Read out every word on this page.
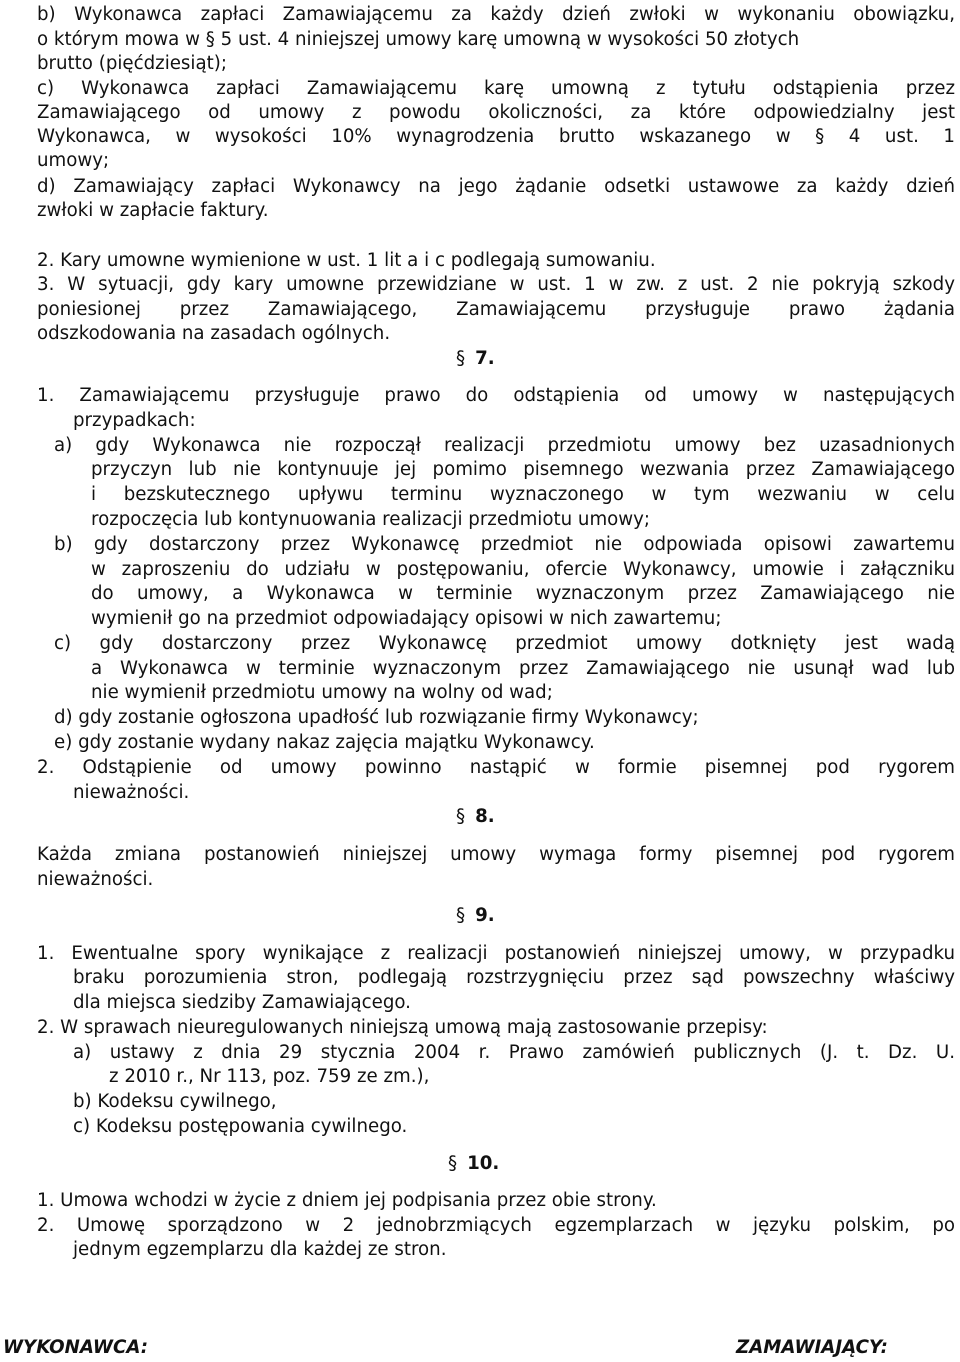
b) Wykonawca zapłaci Zamawiającemu za każdy dzień zwłoki w wykonaniu obowiązku,
o którym mowa w § 5 ust. 4 niniejszej umowy karę umowną w wysokości 50 złotych
brutto (pięćdziesiąt);
c) Wykonawca zapłaci Zamawiającemu karę umowną z tytułu odstąpienia przez
Zamawiającego od umowy z powodu okoliczności, za które odpowiedzialny jest
Wykonawca, w wysokości 10% wynagrodzenia brutto wskazanego w § 4 ust. 1
umowy;
d) Zamawiający zapłaci Wykonawcy na jego żądanie odsetki ustawowe za każdy dzień
zwłoki w zapłacie faktury.
2. Kary umowne wymienione w ust. 1 lit a i c podlegają sumowaniu.
3. W sytuacji, gdy kary umowne przewidziane w ust. 1 w zw. z ust. 2 nie pokryją szkody
poniesionej przez Zamawiającego, Zamawiającemu przysługuje prawo żądania
odszkodowania na zasadach ogólnych.
§ 7.
1. Zamawiającemu przysługuje prawo do odstąpienia od umowy w następujących
przypadkach:
a) gdy Wykonawca nie rozpoczął realizacji przedmiotu umowy bez uzasadnionych
przyczyn lub nie kontynuuje jej pomimo pisemnego wezwania przez Zamawiającego
i bezskutecznego upływu terminu wyznaczonego w tym wezwaniu w celu
rozpoczęcia lub kontynuowania realizacji przedmiotu umowy;
b) gdy dostarczony przez Wykonawcę przedmiot nie odpowiada opisowi zawartemu
w zaproszeniu do udziału w postępowaniu, ofercie Wykonawcy, umowie i załączniku
do umowy, a Wykonawca w terminie wyznaczonym przez Zamawiającego nie
wymienił go na przedmiot odpowiadający opisowi w nich zawartemu;
c) gdy dostarczony przez Wykonawcę przedmiot umowy dotknięty jest wadą
a Wykonawca w terminie wyznaczonym przez Zamawiającego nie usunął wad lub
nie wymienił przedmiotu umowy na wolny od wad;
d) gdy zostanie ogłoszona upadłość lub rozwiązanie firmy Wykonawcy;
e) gdy zostanie wydany nakaz zajęcia majątku Wykonawcy.
2. Odstąpienie od umowy powinno nastąpić w formie pisemnej pod rygorem
nieważności.
§ 8.
Każda zmiana postanowień niniejszej umowy wymaga formy pisemnej pod rygorem
nieważności.
§ 9.
1. Ewentualne spory wynikające z realizacji postanowień niniejszej umowy, w przypadku
braku porozumienia stron, podlegają rozstrzygnięciu przez sąd powszechny właściwy
dla miejsca siedziby Zamawiającego.
2. W sprawach nieuregulowanych niniejszą umową mają zastosowanie przepisy:
a) ustawy z dnia 29 stycznia 2004 r. Prawo zamówień publicznych (J. t. Dz. U.
z 2010 r., Nr 113, poz. 759 ze zm.),
b) Kodeksu cywilnego,
c) Kodeksu postępowania cywilnego.
§ 10.
1. Umowa wchodzi w życie z dniem jej podpisania przez obie strony.
2. Umowę sporządzono w 2 jednobrzmiących egzemplarzach w języku polskim, po
jednym egzemplarzu dla każdej ze stron.
WYKONAWCA:	ZAMAWIAJĄCY:
